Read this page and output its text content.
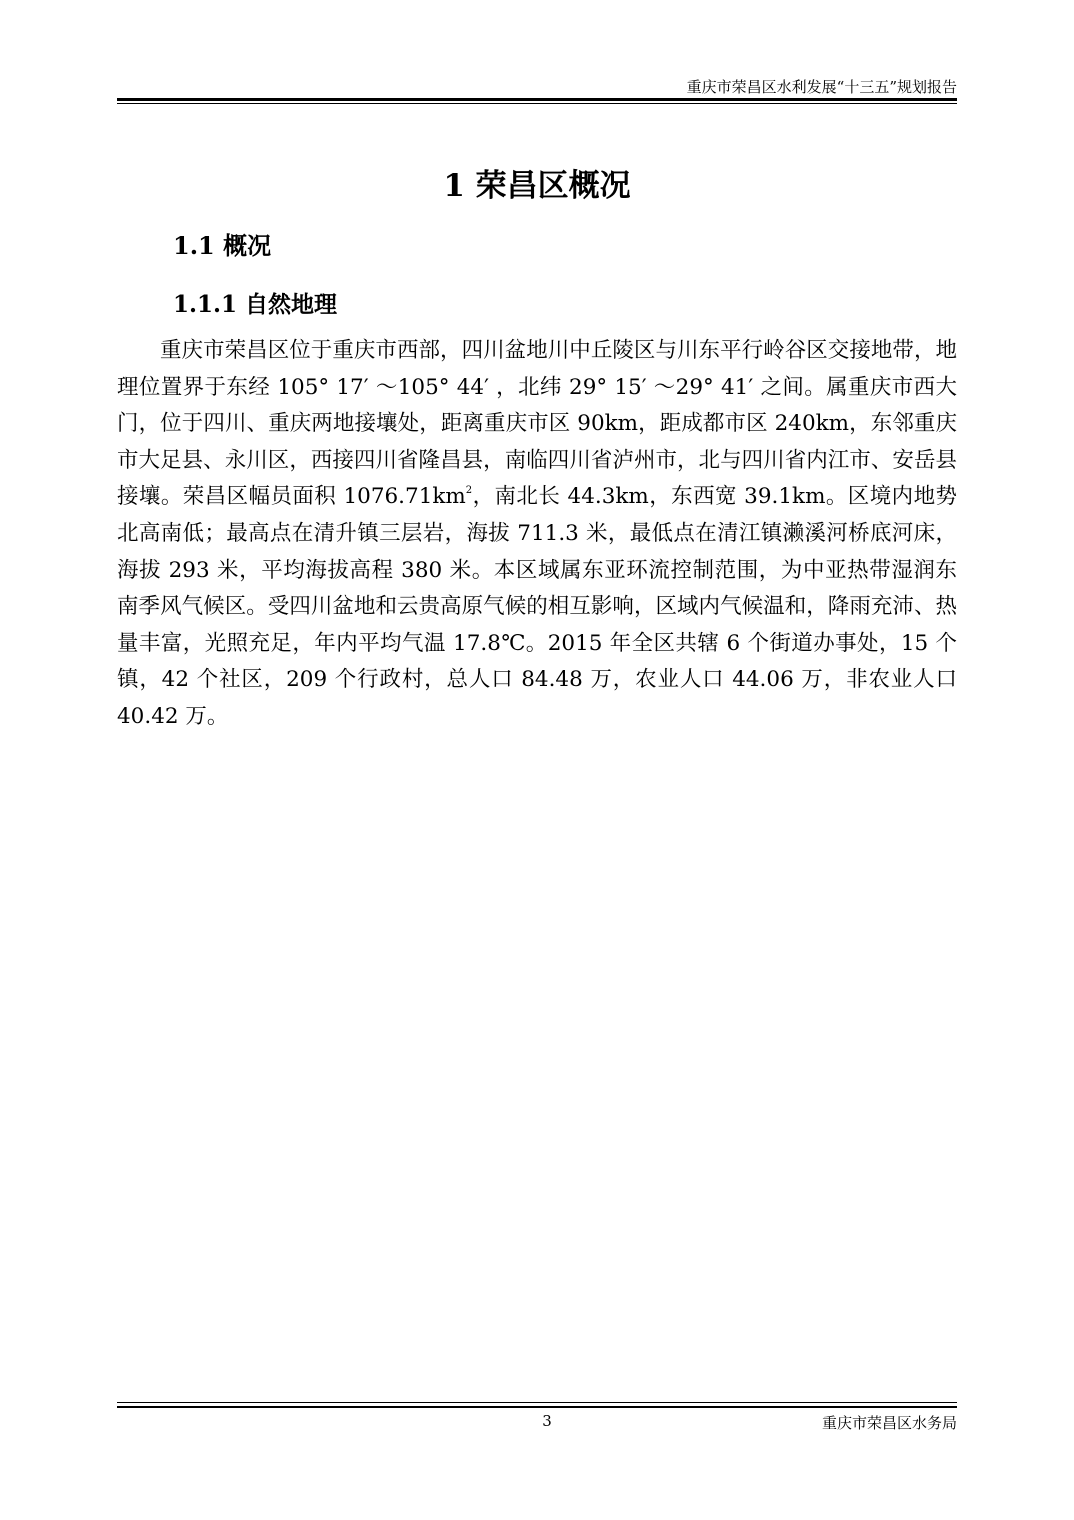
重庆市荣昌区水利发展“十三五”规划报告
1 荣昌区概况
1.1 概况
1.1.1 自然地理

重庆市荣昌区位于重庆市西部，四川盆地川中丘陵区与川东平行岭谷区交接地带，地理位置界于东经 105° 17′ ～105° 44′ ，北纬 29° 15′ ～29° 41′ 之间。属重庆市西大门，位于四川、重庆两地接壤处，距离重庆市区 90km，距成都市区 240km，东邻重庆市大足县、永川区，西接四川省隆昌县，南临四川省泸州市，北与四川省内江市、安岳县接壤。荣昌区幅员面积 $1076.71km^2$，南北长 44.3km，东西宽 39.1km。区境内地势北高南低；最高点在清升镇三层岩，海拔 711.3 米，最低点在清江镇濑溪河桥底河床，海拔 293 米，平均海拔高程 380 米。本区域属东亚环流控制范围，为中亚热带湿润东南季风气候区。受四川盆地和云贵高原气候的相互影响，区域内气候温和，降雨充沛、热量丰富，光照充足，年内平均气温 17.8℃。2015 年全区共辖 6 个街道办事处，15 个镇，42 个社区，209 个行政村，总人口 84.48 万，农业人口 44.06 万，非农业人口 40.42 万。

3	重庆市荣昌区水务局
